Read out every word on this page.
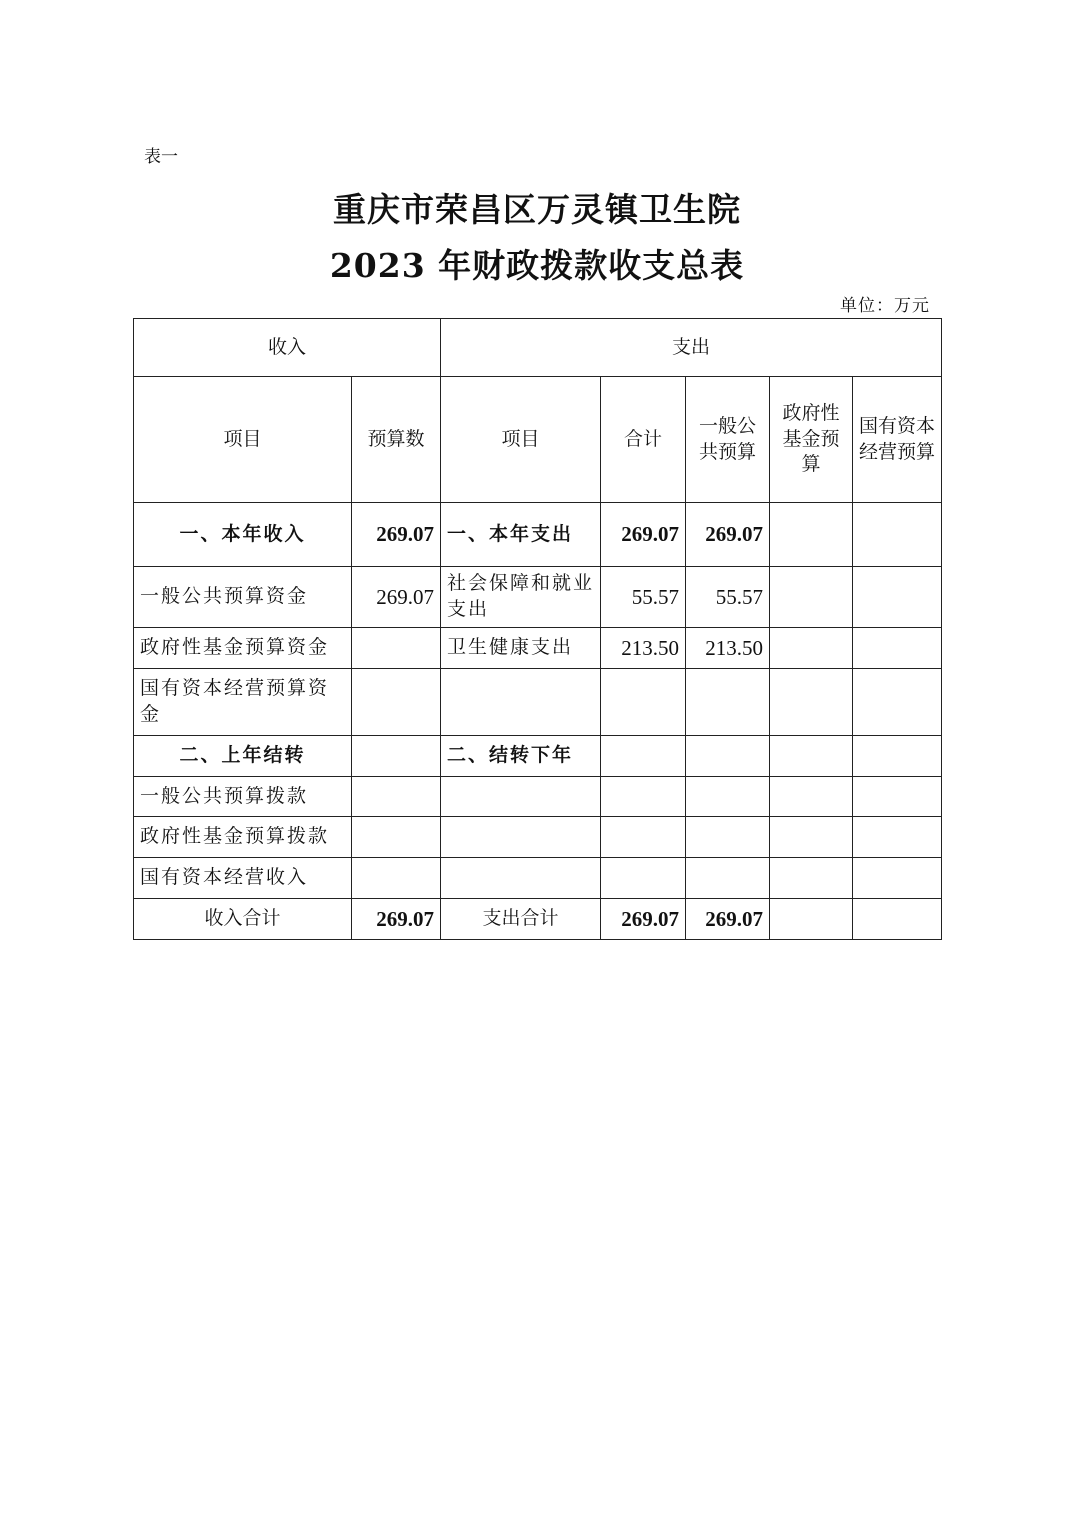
表一
重庆市荣昌区万灵镇卫生院
2023 年财政拨款收支总表
单位：万元
收入		支出				
项目	预算数	项目	合计	一般公共预算	政府性基金预算	国有资本经营预算
一、本年收入	269.07	一、本年支出	269.07	269.07		
一般公共预算资金	269.07	社会保障和就业支出	55.57	55.57		
政府性基金预算资金		卫生健康支出	213.50	213.50		
国有资本经营预算资金						
二、上年结转		二、结转下年				
一般公共预算拨款						
政府性基金预算拨款						
国有资本经营收入						
收入合计	269.07	支出合计	269.07	269.07		
